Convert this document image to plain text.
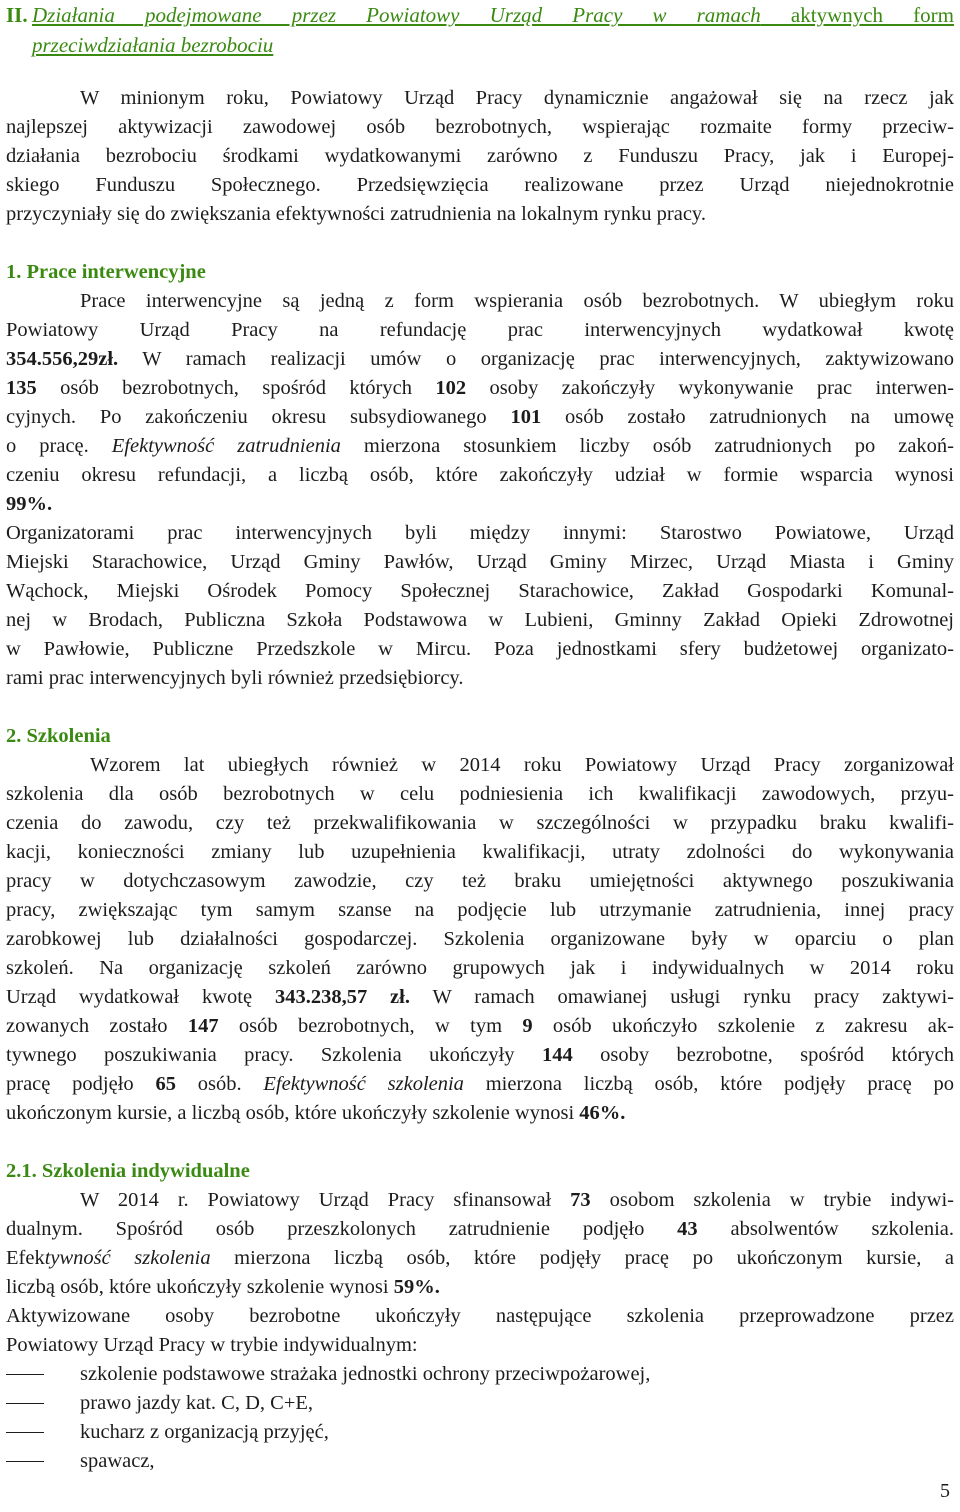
II. Działania podejmowane przez Powiatowy Urząd Pracy w ramach aktywnych form
przeciwdziałania bezrobociu
W minionym roku, Powiatowy Urząd Pracy dynamicznie angażował się na rzecz jak
najlepszej aktywizacji zawodowej osób bezrobotnych, wspierając rozmaite formy przeciw-
działania bezrobociu środkami wydatkowanymi zarówno z Funduszu Pracy, jak i Europej-
skiego Funduszu Społecznego. Przedsięwzięcia realizowane przez Urząd niejednokrotnie
przyczyniały się do zwiększania efektywności zatrudnienia na lokalnym rynku pracy.
1. Prace interwencyjne
Prace interwencyjne są jedną z form wspierania osób bezrobotnych. W ubiegłym roku
Powiatowy Urząd Pracy na refundację prac interwencyjnych wydatkował kwotę
354.556,29zł. W ramach realizacji umów o organizację prac interwencyjnych, zaktywizowano
135 osób bezrobotnych, spośród których 102 osoby zakończyły wykonywanie prac interwen-
cyjnych. Po zakończeniu okresu subsydiowanego 101 osób zostało zatrudnionych na umowę
o pracę. Efektywność zatrudnienia mierzona stosunkiem liczby osób zatrudnionych po zakoń-
czeniu okresu refundacji, a liczbą osób, które zakończyły udział w formie wsparcia wynosi
99%.
Organizatorami prac interwencyjnych byli między innymi: Starostwo Powiatowe, Urząd
Miejski Starachowice, Urząd Gminy Pawłów, Urząd Gminy Mirzec, Urząd Miasta i Gminy
Wąchock, Miejski Ośrodek Pomocy Społecznej Starachowice, Zakład Gospodarki Komunal-
nej w Brodach, Publiczna Szkoła Podstawowa w Lubieni, Gminny Zakład Opieki Zdrowotnej
w Pawłowie, Publiczne Przedszkole w Mircu. Poza jednostkami sfery budżetowej organizato-
rami prac interwencyjnych byli również przedsiębiorcy.
2. Szkolenia
Wzorem lat ubiegłych również w 2014 roku Powiatowy Urząd Pracy zorganizował
szkolenia dla osób bezrobotnych w celu podniesienia ich kwalifikacji zawodowych, przyu-
czenia do zawodu, czy też przekwalifikowania w szczególności w przypadku braku kwalifi-
kacji, konieczności zmiany lub uzupełnienia kwalifikacji, utraty zdolności do wykonywania
pracy w dotychczasowym zawodzie, czy też braku umiejętności aktywnego poszukiwania
pracy, zwiększając tym samym szanse na podjęcie lub utrzymanie zatrudnienia, innej pracy
zarobkowej lub działalności gospodarczej. Szkolenia organizowane były w oparciu o plan
szkoleń. Na organizację szkoleń zarówno grupowych jak i indywidualnych w 2014 roku
Urząd wydatkował kwotę 343.238,57 zł. W ramach omawianej usługi rynku pracy zaktywi-
zowanych zostało 147 osób bezrobotnych, w tym 9 osób ukończyło szkolenie z zakresu ak-
tywnego poszukiwania pracy. Szkolenia ukończyły 144 osoby bezrobotne, spośród których
pracę podjęło 65 osób. Efektywność szkolenia mierzona liczbą osób, które podjęły pracę po
ukończonym kursie, a liczbą osób, które ukończyły szkolenie wynosi 46%.
2.1. Szkolenia indywidualne
W 2014 r. Powiatowy Urząd Pracy sfinansował 73 osobom szkolenia w trybie indywi-
dualnym. Spośród osób przeszkolonych zatrudnienie podjęło 43 absolwentów szkolenia.
Efektywność szkolenia mierzona liczbą osób, które podjęły pracę po ukończonym kursie, a
liczbą osób, które ukończyły szkolenie wynosi 59%.
Aktywizowane osoby bezrobotne ukończyły następujące szkolenia przeprowadzone przez
Powiatowy Urząd Pracy w trybie indywidualnym:
szkolenie podstawowe strażaka jednostki ochrony przeciwpożarowej,
prawo jazdy kat. C, D, C+E,
kucharz z organizacją przyjęć,
spawacz,
5
